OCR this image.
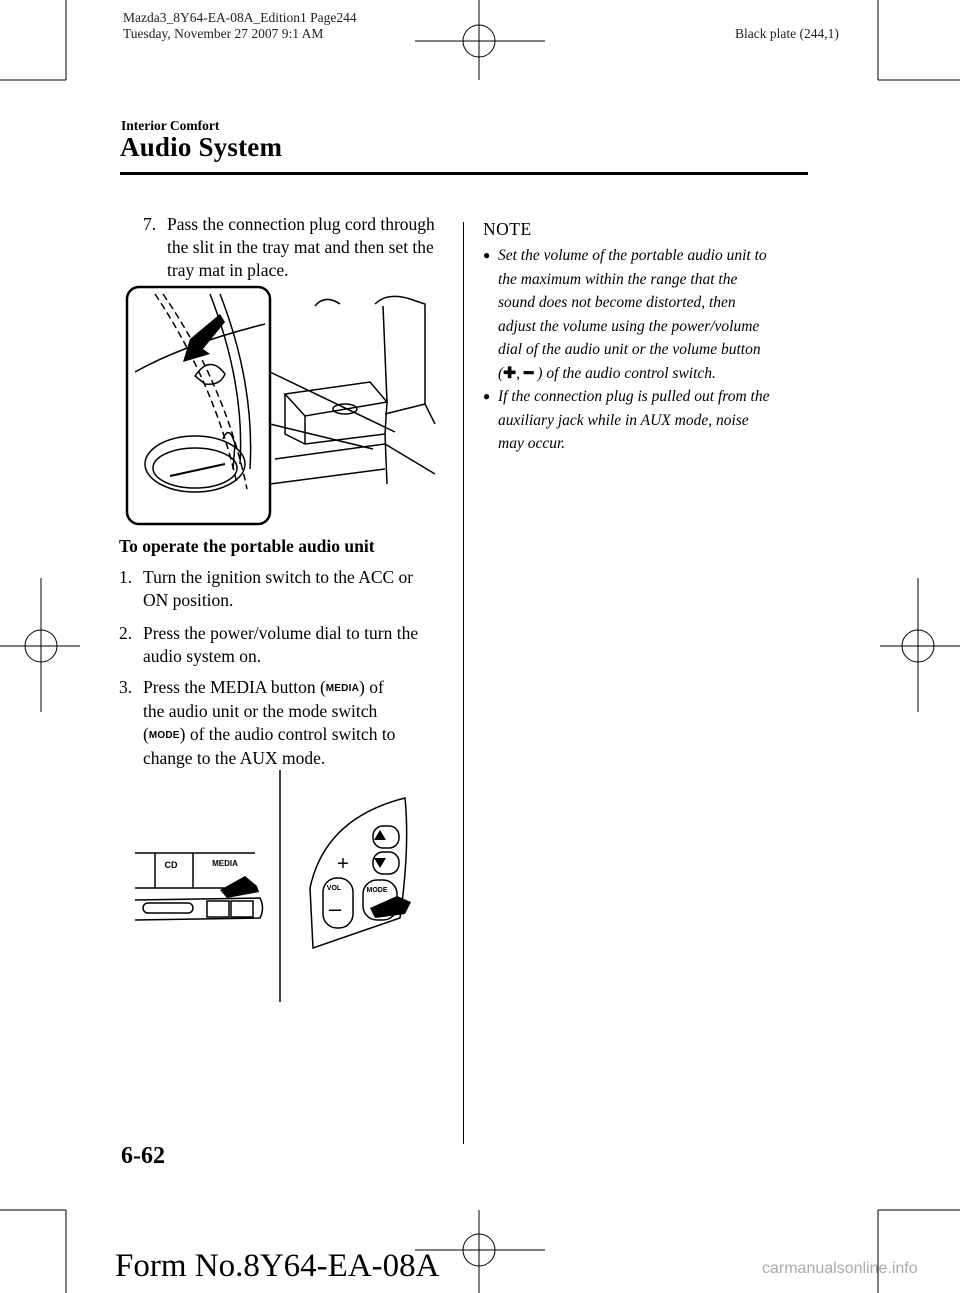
Mazda3_8Y64-EA-08A_Edition1 Page244
Tuesday, November 27 2007 9:1 AM	Black plate (244,1)
Interior Comfort
Audio System
7. Pass the connection plug cord through
the slit in the tray mat and then set the
tray mat in place.
To operate the portable audio unit
1. Turn the ignition switch to the ACC or
ON position.
2. Press the power/volume dial to turn the
audio system on.
3. Press the MEDIA button (MEDIA) of
the audio unit or the mode switch
(MODE) of the audio control switch to
change to the AUX mode.
CD	MEDIA
VOL	MODE
+
–
NOTE
● Set the volume of the portable audio unit to
the maximum within the range that the
sound does not become distorted, then
adjust the volume using the power/volume
dial of the audio unit or the volume button
(✚, ━ ) of the audio control switch.
● If the connection plug is pulled out from the
auxiliary jack while in AUX mode, noise
may occur.
6-62
Form No.8Y64-EA-08A	carmanualsonline.info
